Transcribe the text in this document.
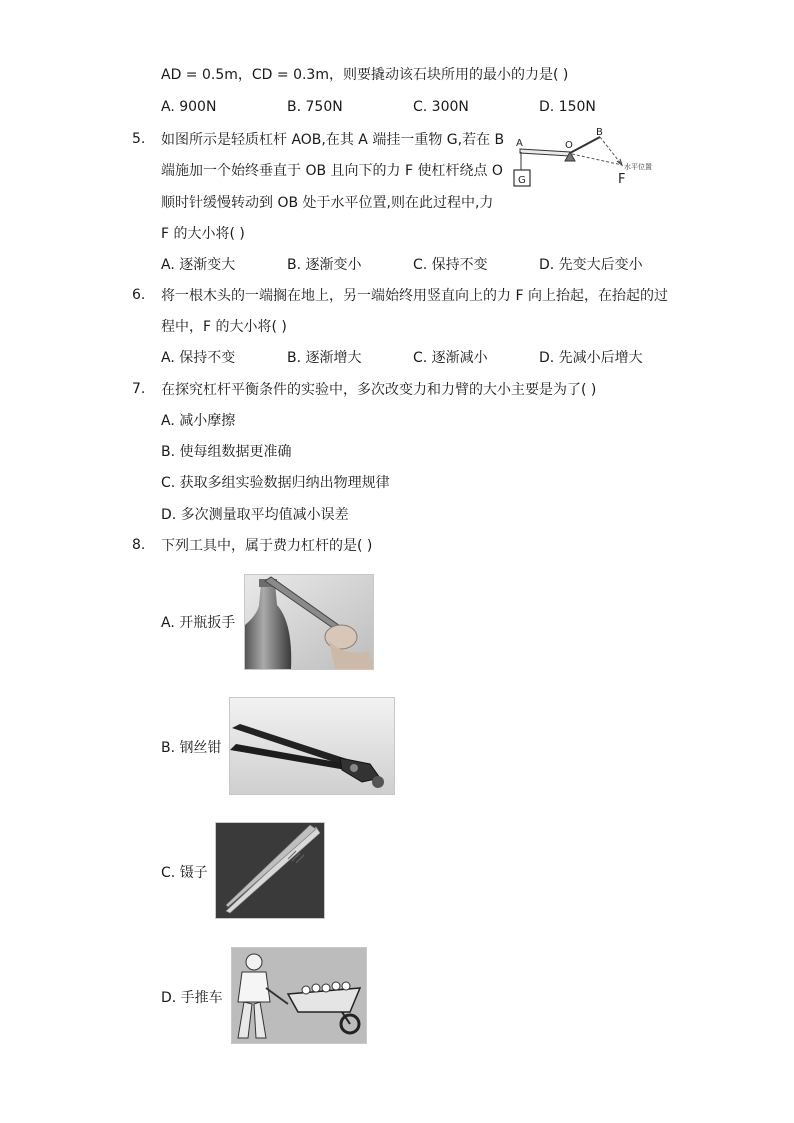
AD = 0.5m，CD = 0.3m，则要撬动该石块所用的最小的力是( )
A. 900N	B. 750N	C. 300N	D. 150N
5.	如图所示是轻质杠杆 AOB,在其 A 端挂一重物 G,若在 B
端施加一个始终垂直于 OB 且向下的力 F 使杠杆绕点 O
顺时针缓慢转动到 OB 处于水平位置,则在此过程中,力
F 的大小将( )
G
A	O
B
F
水平位置
A. 逐渐变大	B. 逐渐变小	C. 保持不变	D. 先变大后变小
6.	将一根木头的一端搁在地上，另一端始终用竖直向上的力 F 向上抬起，在抬起的过
程中，F 的大小将( )
A. 保持不变	B. 逐渐增大	C. 逐渐减小	D. 先减小后增大
7.	在探究杠杆平衡条件的实验中，多次改变力和力臂的大小主要是为了( )
A. 减小摩擦
B. 使每组数据更准确
C. 获取多组实验数据归纳出物理规律
D. 多次测量取平均值减小误差
8.	下列工具中，属于费力杠杆的是( )
A. 开瓶扳手
B. 钢丝钳
C. 镊子
D. 手推车
